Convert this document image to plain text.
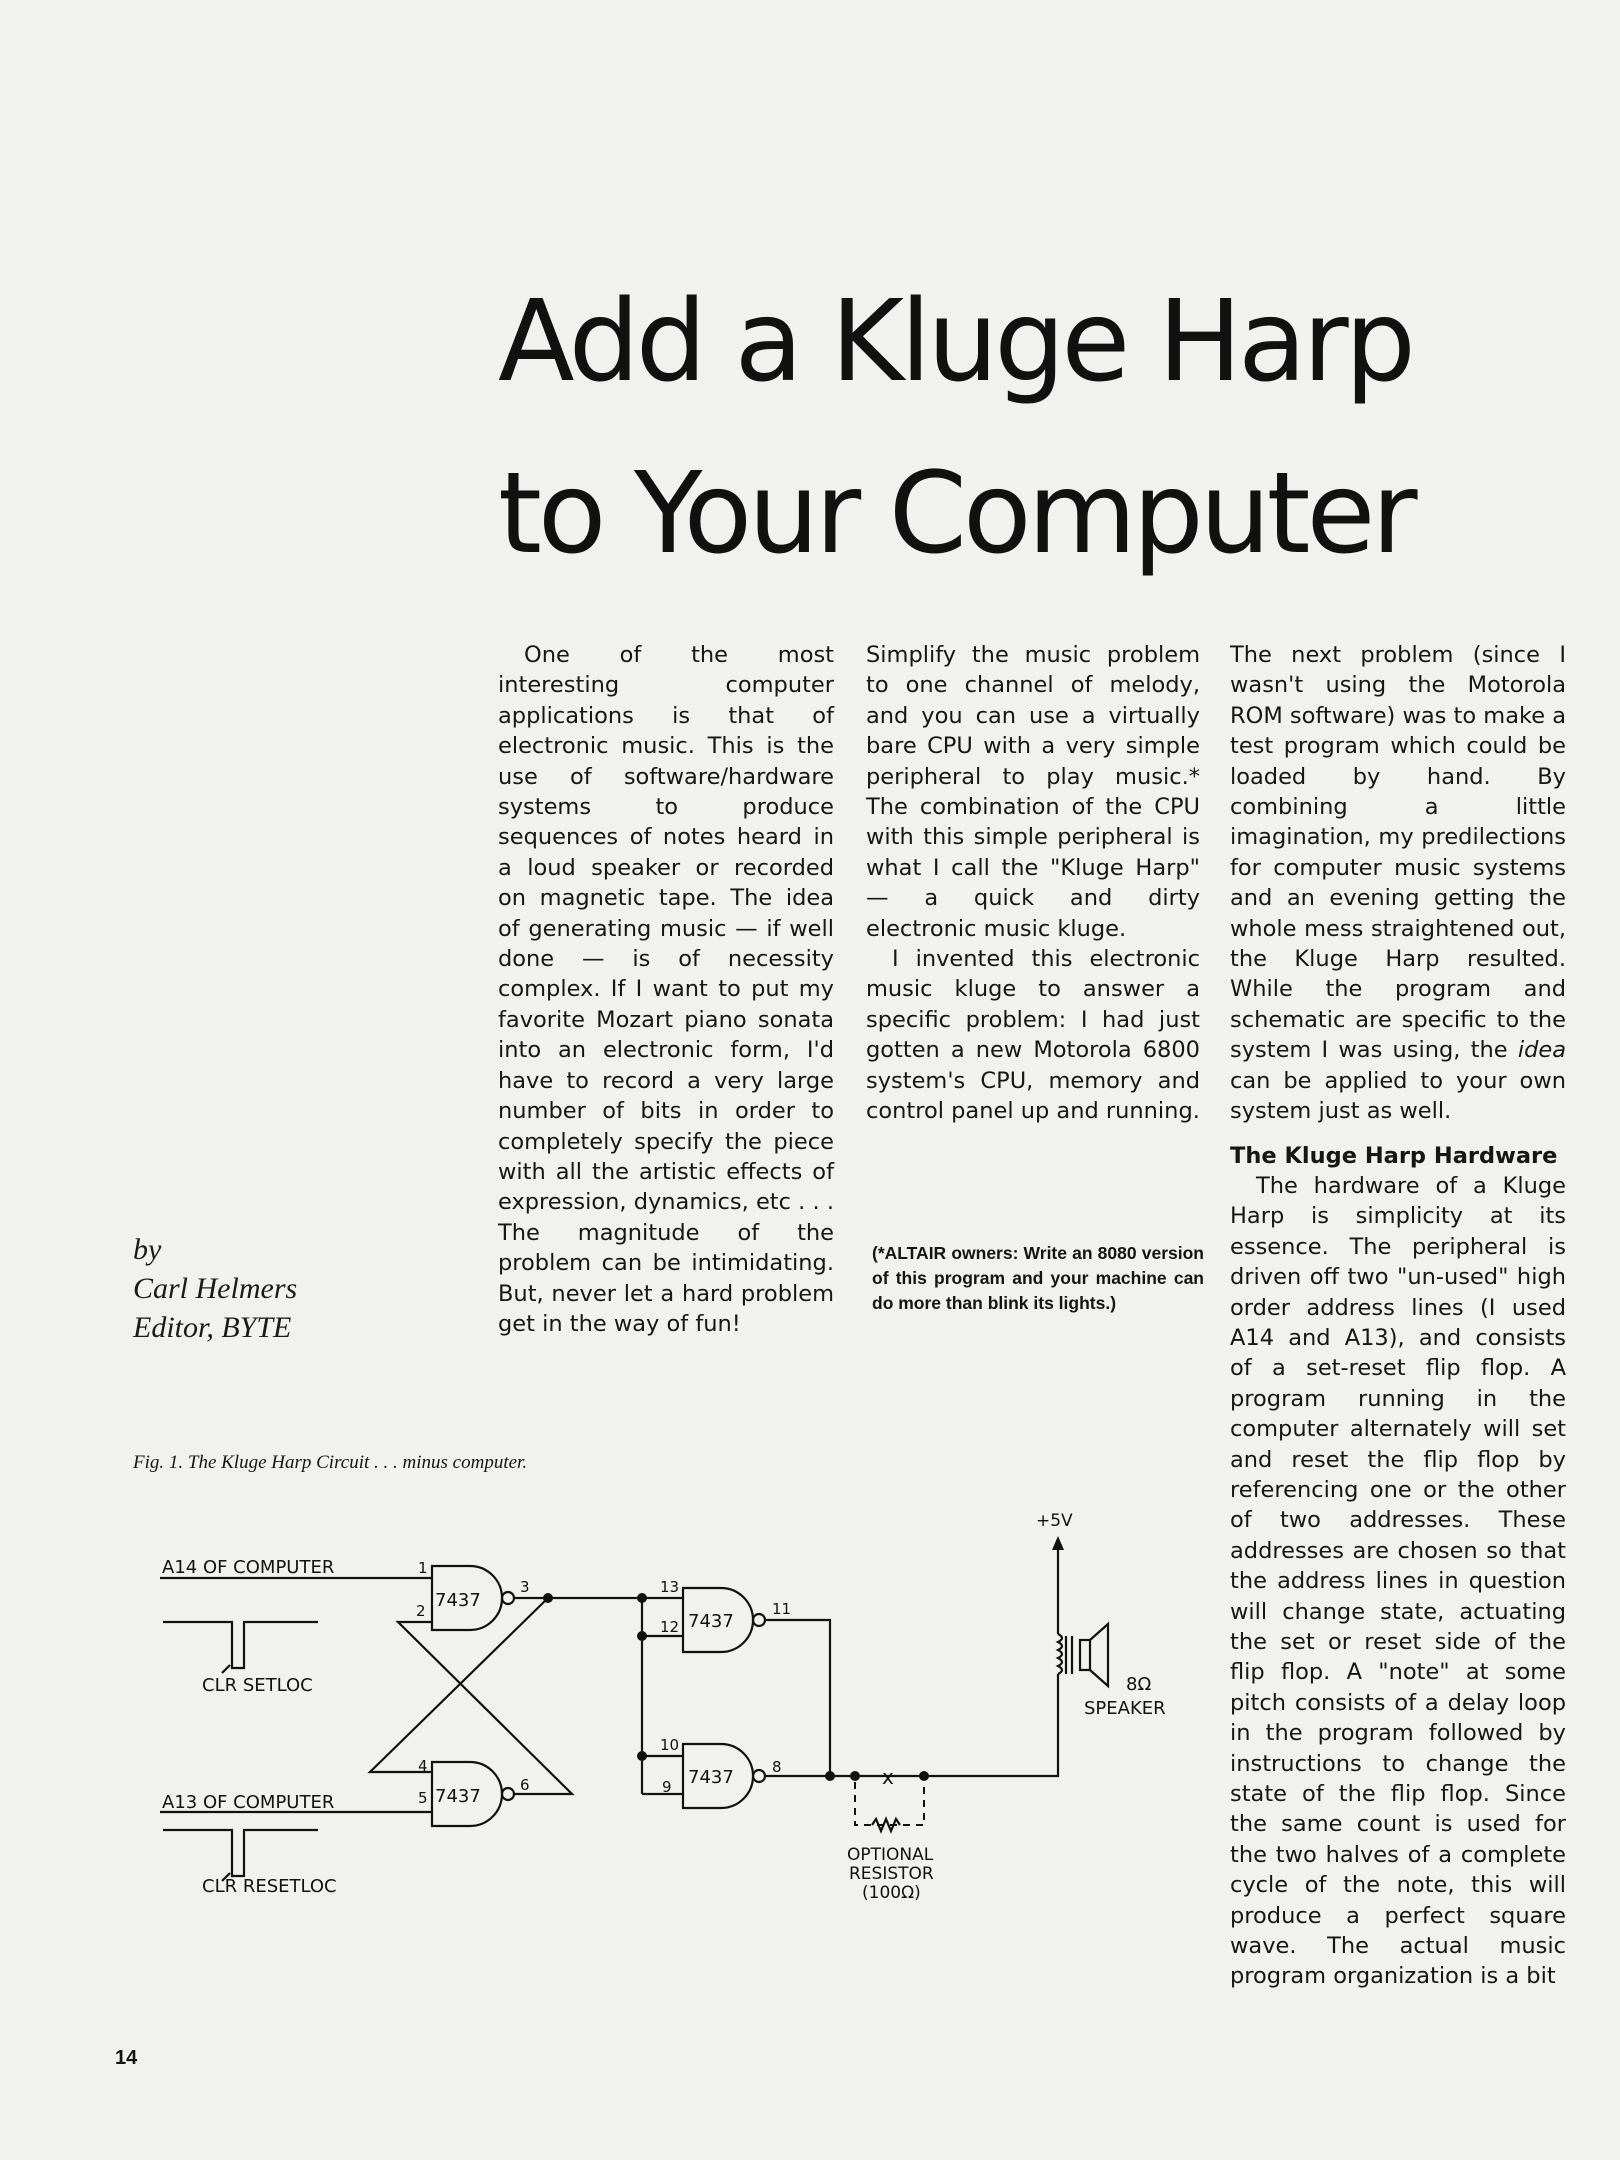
Add a Kluge Harp
to Your Computer

One of the most interesting computer applications is that of electronic music. This is the use of software/hardware systems to produce sequences of notes heard in a loud speaker or recorded on magnetic tape. The idea of generating music — if well done — is of necessity complex. If I want to put my favorite Mozart piano sonata into an electronic form, I'd have to record a very large number of bits in order to completely specify the piece with all the artistic effects of expression, dynamics, etc . . . The magnitude of the problem can be intimidating. But, never let a hard problem get in the way of fun!

Simplify the music problem to one channel of melody, and you can use a virtually bare CPU with a very simple peripheral to play music.* The combination of the CPU with this simple peripheral is what I call the "Kluge Harp" — a quick and dirty electronic music kluge.

I invented this electronic music kluge to answer a specific problem: I had just gotten a new Motorola 6800 system's CPU, memory and control panel up and running.

(*ALTAIR owners: Write an 8080 version of this program and your machine can do more than blink its lights.)

The next problem (since I wasn't using the Motorola ROM software) was to make a test program which could be loaded by hand. By combining a little imagination, my predilections for computer music systems and an evening getting the whole mess straightened out, the Kluge Harp resulted. While the program and schematic are specific to the system I was using, the idea can be applied to your own system just as well.

The Kluge Harp Hardware

The hardware of a Kluge Harp is simplicity at its essence. The peripheral is driven off two "un-used" high order address lines (I used A14 and A13), and consists of a set-reset flip flop. A program running in the computer alternately will set and reset the flip flop by referencing one or the other of two addresses. These addresses are chosen so that the address lines in question will change state, actuating the set or reset side of the flip flop. A "note" at some pitch consists of a delay loop in the program followed by instructions to change the state of the flip flop. Since the same count is used for the two halves of a complete cycle of the note, this will produce a perfect square wave. The actual music program organization is a bit

by
Carl Helmers
Editor, BYTE
Fig. 1. The Kluge Harp Circuit . . . minus computer.
A14 OF COMPUTER
CLR SETLOC
7437
1
2
3
7437
4
5
6
A13 OF COMPUTER
CLR RESETLOC
7437
13
12
11
7437
10
9
8	x
OPTIONAL
RESISTOR
(100Ω)
+5V
8Ω
SPEAKER
14
